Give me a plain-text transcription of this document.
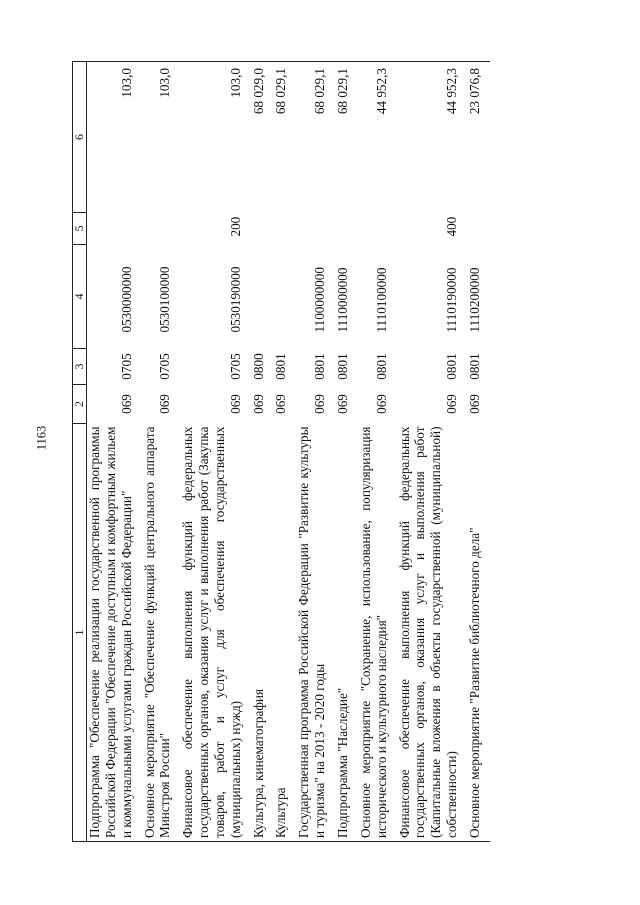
1163
1	2	3	4	5	6
Подпрограмма "Обеспечение реализации государственной программы Российской Федерации "Обеспечение доступным и комфортным жильем и коммунальными услугами граждан Российской Федерации"	069	0705	0530000000		103,0
Основное мероприятие "Обеспечение функций центрального аппарата Минстроя России"	069	0705	0530100000		103,0
Финансовое обеспечение выполнения функций федеральных государственных органов, оказания услуг и выполнения работ (Закупка товаров, работ и услуг для обеспечения государственных (муниципальных) нужд)	069	0705	0530190000	200	103,0
Культура, кинематография	069	0800			68 029,0
Культура	069	0801			68 029,1
Государственная программа Российской Федерации "Развитие культуры и туризма" на 2013 - 2020 годы	069	0801	1100000000		68 029,1
Подпрограмма "Наследие"	069	0801	1110000000		68 029,1
Основное мероприятие "Сохранение, использование, популяризация исторического и культурного наследия"	069	0801	1110100000		44 952,3
Финансовое обеспечение выполнения функций федеральных государственных органов, оказания услуг и выполнения работ (Капитальные вложения в объекты государственной (муниципальной) собственности)	069	0801	1110190000	400	44 952,3
Основное мероприятие "Развитие библиотечного дела"	069	0801	1110200000		23 076,8
